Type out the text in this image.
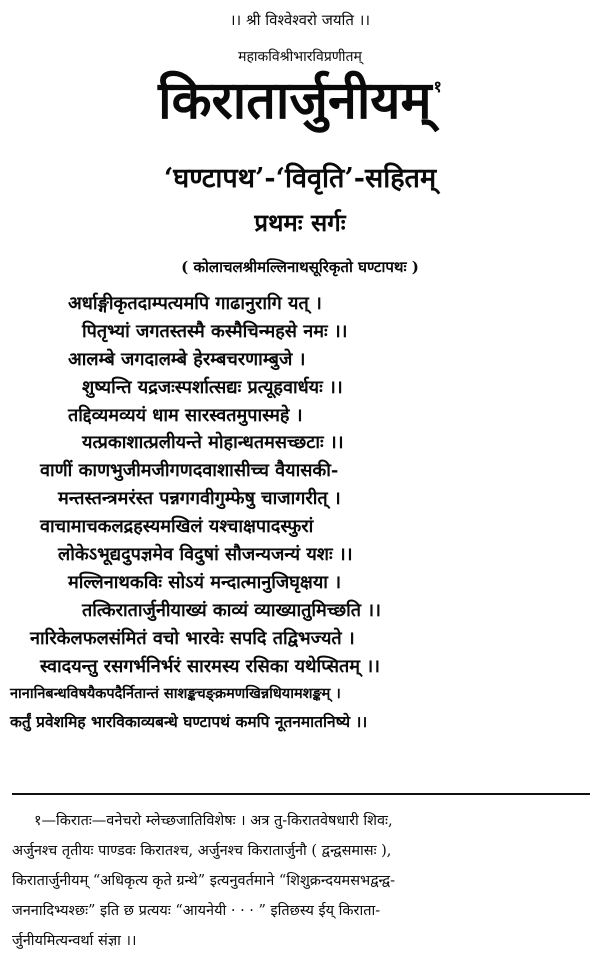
।। श्री विश्वेश्वरो जयति ।।
महाकविश्रीभारविप्रणीतम्
किरातार्जुनीयम् $^१$
‘घण्टापथ’-‘विवृति’-सहितम्
प्रथमः सर्गः
( कोलाचलश्रीमल्लिनाथसूरिकृतो घण्टापथः )
अर्धाङ्गीकृतदाम्पत्यमपि गाढानुरागि यत् ।
पितृभ्यां जगतस्तस्मै कस्मैचिन्महसे नमः ।।
आलम्बे जगदालम्बे हेरम्बचरणाम्बुजे ।
शुष्यन्ति यद्रजःस्पर्शात्सद्यः प्रत्यूहवार्धयः ।।
तद्दिव्यमव्ययं धाम सारस्वतमुपास्महे ।
यत्प्रकाशात्प्रलीयन्ते मोहान्धतमसच्छटाः ।।
वाणीं काणभुजीमजीगणदवाशासीच्च वैयासकी-
मन्तस्तन्त्रमरंस्त पन्नगगवीगुम्फेषु चाजागरीत् ।
वाचामाचकलद्रहस्यमखिलं यश्चाक्षपादस्फुरां
लोकेऽभूद्यदुपज्ञमेव विदुषां सौजन्यजन्यं यशः ।।
मल्लिनाथकविः सोऽयं मन्दात्मानुजिघृक्षया ।
तत्किरातार्जुनीयाख्यं काव्यं व्याख्यातुमिच्छति ।।
नारिकेलफलसंमितं वचो भारवेः सपदि तद्विभज्यते ।
स्वादयन्तु रसगर्भनिर्भरं सारमस्य रसिका यथेप्सितम् ।।
नानानिबन्धविषयैकपदैर्नितान्तं साशङ्कचङ्क्रमणखिन्नधियामशङ्कम् ।
कर्तुं प्रवेशमिह भारविकाव्यबन्धे घण्टापथं कमपि नूतनमातनिष्ये ।।
१—किरातः—वनेचरो म्लेच्छजातिविशेषः । अत्र तु-किरातवेषधारी शिवः,
अर्जुनश्च तृतीयः पाण्डवः किरातश्च, अर्जुनश्च किरातार्जुनौ ( द्वन्द्वसमासः ),
किरातार्जुनीयम् “अधिकृत्य कृते ग्रन्थे” इत्यनुवर्तमाने “शिशुक्रन्दयमसभद्वन्द्व-
जननादिभ्यश्छः” इति छ प्रत्ययः “आयनेयी · · · ” इतिछस्य ईय् किराता-
र्जुनीयमित्यन्वर्था संज्ञा ।।
